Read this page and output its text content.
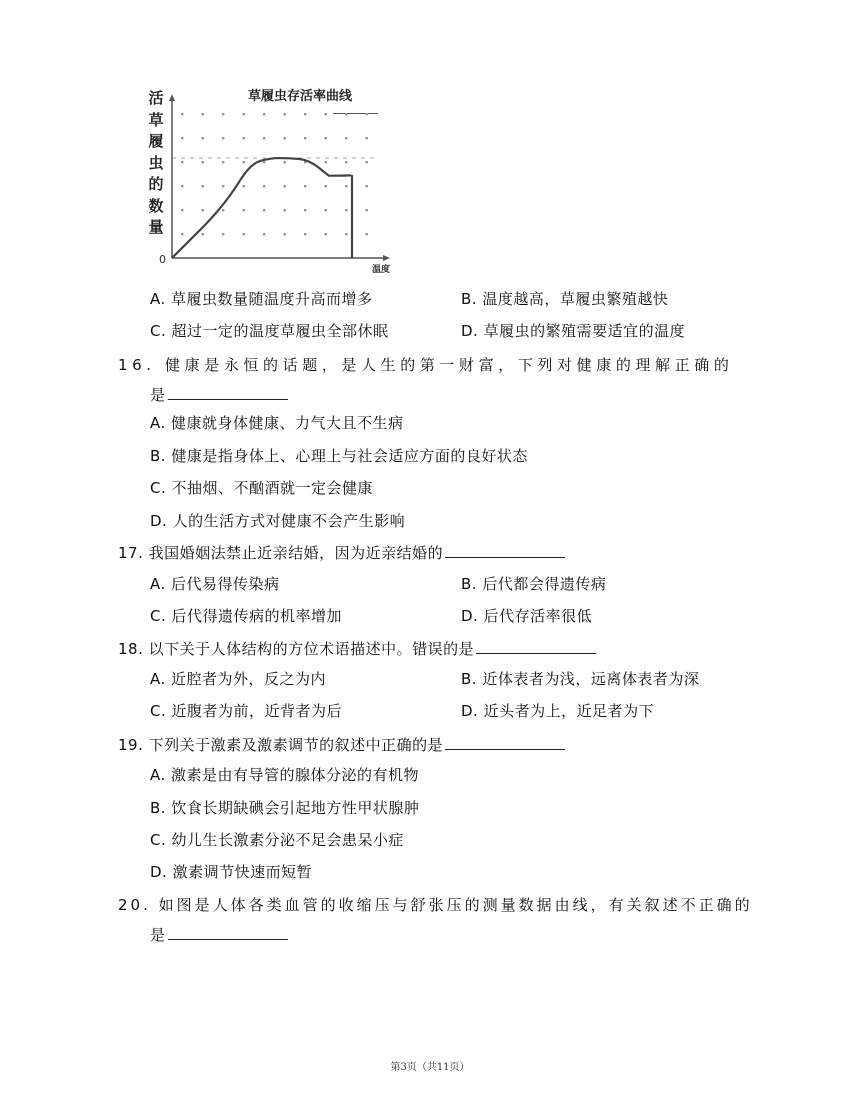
活
草
履
虫
的
数
量
草履虫存活率曲线
温度
0
A. 草履虫数量随温度升高而增多	B. 温度越高，草履虫繁殖越快
C. 超过一定的温度草履虫全部休眠	D. 草履虫的繁殖需要适宜的温度
16. 健康是永恒的话题，是人生的第一财富，下列对健康的理解正确的
是
A. 健康就身体健康、力气大且不生病
B. 健康是指身体上、心理上与社会适应方面的良好状态
C. 不抽烟、不酗酒就一定会健康
D. 人的生活方式对健康不会产生影响
17. 我国婚姻法禁止近亲结婚，因为近亲结婚的
A. 后代易得传染病	B. 后代都会得遗传病
C. 后代得遗传病的机率增加	D. 后代存活率很低
18. 以下关于人体结构的方位术语描述中。错误的是
A. 近腔者为外，反之为内	B. 近体表者为浅，远离体表者为深
C. 近腹者为前，近背者为后	D. 近头者为上，近足者为下
19. 下列关于激素及激素调节的叙述中正确的是
A. 激素是由有导管的腺体分泌的有机物
B. 饮食长期缺碘会引起地方性甲状腺肿
C. 幼儿生长激素分泌不足会患呆小症
D. 激素调节快速而短暂
20. 如图是人体各类血管的收缩压与舒张压的测量数据由线，有关叙述不正确的
是
第3页（共11页）
